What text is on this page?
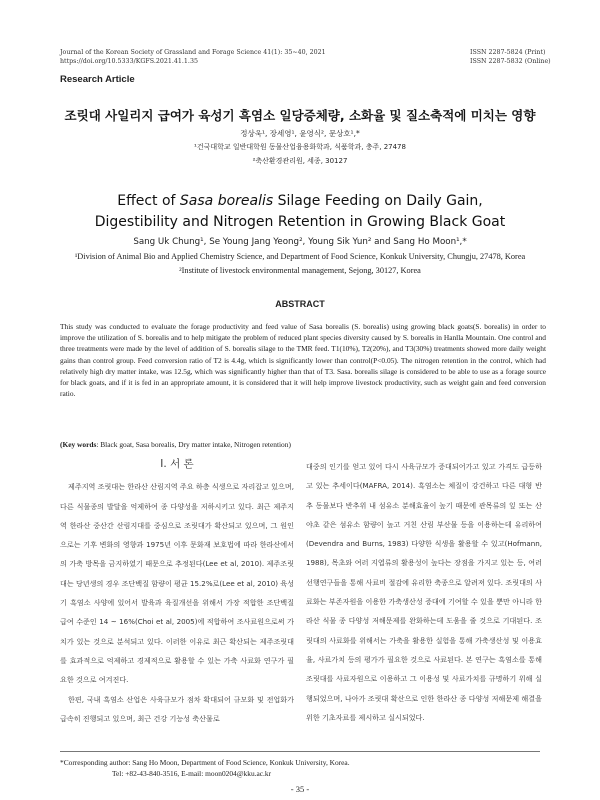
Journal of the Korean Society of Grassland and Forage Science 41(1): 35~40, 2021
https://doi.org/10.5333/KGFS.2021.41.1.35
ISSN 2287-5824 (Print)
ISSN 2287-5832 (Online)
Research Article
조릿대 사일리지 급여가 육성기 흑염소 일당증체량, 소화율 및 질소축적에 미치는 영향
정상욱¹, 장세영¹, 윤영식², 문상호¹,*
¹건국대학교 일반대학원 동물산업융용화학과, 식품학과, 충주, 27478
²축산환경관리원, 세종, 30127
Effect of Sasa borealis Silage Feeding on Daily Gain,
Digestibility and Nitrogen Retention in Growing Black Goat
Sang Uk Chung¹, Se Young Jang Yeong², Young Sik Yun² and Sang Ho Moon¹,*
¹Division of Animal Bio and Applied Chemistry Science, and Department of Food Science, Konkuk University, Chungju, 27478, Korea
²Institute of livestock environmental management, Sejong, 30127, Korea
ABSTRACT
This study was conducted to evaluate the forage productivity and feed value of Sasa borealis (S. borealis) using growing black goats(S. borealis) in order to improve the utilization of S. borealis and to help mitigate the problem of reduced plant species diversity caused by S. borealis in Hanlla Mountain. One control and three treatments were made by the level of addition of S. borealis silage to the TMR feed. T1(10%), T2(20%), and T3(30%) treatments showed more daily weight gains than control group. Feed conversion ratio of T2 is 4.4g, which is significantly lower than control(P<0.05). The nitrogen retention in the control, which had relatively high dry matter intake, was 12.5g, which was significantly higher than that of T3. Sasa. borealis silage is considered to be able to use as a forage source for black goats, and if it is fed in an appropriate amount, it is considered that it will help improve livestock productivity, such as weight gain and feed conversion ratio.
(Key words: Black goat, Sasa borealis, Dry matter intake, Nitrogen retention)
Ⅰ. 서 론

제주지역 조릿대는 한라산 산림지역 주요 하층 식생으로 자리잡고 있으며, 다른 식물종의 발달을 억제하여 종 다양성을 저하시키고 있다. 최근 제주지역 한라산 중산간 산림지대를 중심으로 조릿대가 확산되고 있으며, 그 원인으로는 기후 변화의 영향과 1975년 이후 문화재 보호법에 따라 한라산에서의 가축 방목을 금지하였기 때문으로 추정된다(Lee et al, 2010). 제주조릿대는 당년생의 경우 조단백질 함량이 평균 15.2%로(Lee et al, 2010) 육성기 흑염소 사양에 있어서 발육과 육질개선을 위해서 가장 적합한 조단백질 급여 수준인 14 ~ 16%(Choi et al, 2005)에 적합하여 조사료원으로써 가치가 있는 것으로 분석되고 있다. 이러한 이유로 최근 확산되는 제주조릿대를 효과적으로 억제하고 경제적으로 활용할 수 있는 가축 사료화 연구가 필요한 것으로 여겨진다.

한편, 국내 흑염소 산업은 사육규모가 점차 확대되어 규모화 및 전업화가 급속히 진행되고 있으며, 최근 건강 기능성 축산물로

대중의 인기를 얻고 있어 다시 사육규모가 증대되어가고 있고 가격도 급등하고 있는 추세이다(MAFRA, 2014). 흑염소는 체질이 강건하고 다른 대형 반추 동물보다 반추위 내 섬유소 분해효율이 높기 때문에 관목류의 잎 또는 산야초 같은 섬유소 함량이 높고 거친 산림 부산물 등을 이용하는데 유리하여(Devendra and Burns, 1983) 다양한 식생을 활용할 수 있고(Hofmann, 1988), 목초와 여러 지엽류의 활용성이 높다는 장점을 가지고 있는 등, 여러 선행연구들을 통해 사료비 절감에 유리한 축종으로 알려져 있다. 조릿대의 사료화는 부존자원을 이용한 가축생산성 증대에 기여할 수 있을 뿐만 아니라 한라산 식물 종 다양성 저해문제를 완화하는데 도움을 줄 것으로 기대된다. 조릿대의 사료화를 위해서는 가축을 활용한 실험을 통해 가축생산성 및 이용효율, 사료가치 등의 평가가 필요한 것으로 사료된다. 본 연구는 흑염소를 통해 조릿대를 사료자원으로 이용하고 그 이용성 및 사료가치를 규명하기 위해 실행되었으며, 나아가 조릿대 확산으로 인한 한라산 종 다양성 저해문제 해결을 위한 기초자료를 제시하고 실시되었다.

*Corresponding author: Sang Ho Moon, Department of Food Science, Konkuk University, Korea.
Tel: +82-43-840-3516, E-mail: moon0204@kku.ac.kr
- 35 -
